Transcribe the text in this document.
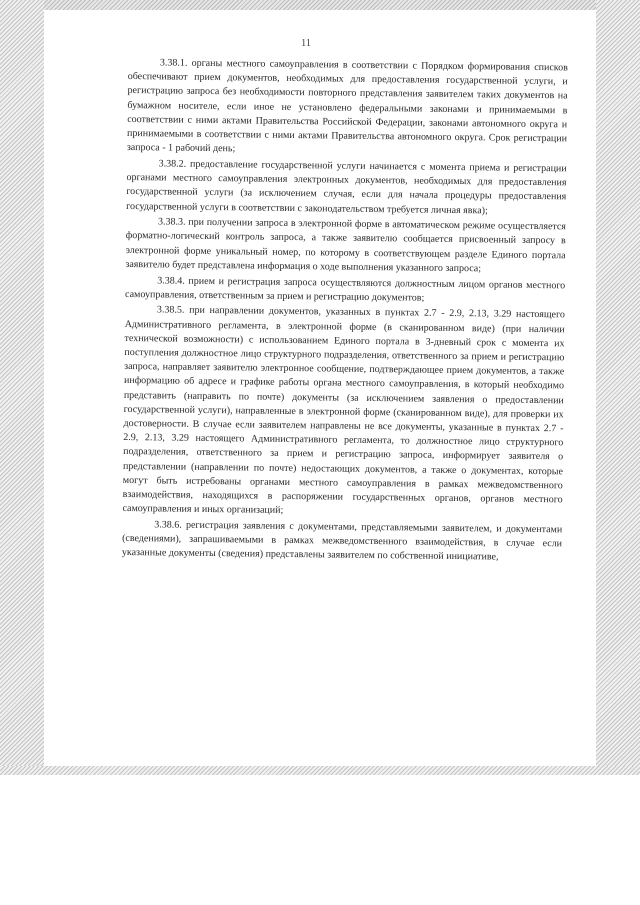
11

3.38.1. органы местного самоуправления в соответствии с Порядком формирования списков обеспечивают прием документов, необходимых для предоставления государственной услуги, и регистрацию запроса без необходимости повторного представления заявителем таких документов на бумажном носителе, если иное не установлено федеральными законами и принимаемыми в соответствии с ними актами Правительства Российской Федерации, законами автономного округа и принимаемыми в соответствии с ними актами Правительства автономного округа. Срок регистрации запроса - 1 рабочий день;

3.38.2. предоставление государственной услуги начинается с момента приема и регистрации органами местного самоуправления электронных документов, необходимых для предоставления государственной услуги (за исключением случая, если для начала процедуры предоставления государственной услуги в соответствии с законодательством требуется личная явка);

3.38.3. при получении запроса в электронной форме в автоматическом режиме осуществляется форматно-логический контроль запроса, а также заявителю сообщается присвоенный запросу в электронной форме уникальный номер, по которому в соответствующем разделе Единого портала заявителю будет представлена информация о ходе выполнения указанного запроса;

3.38.4. прием и регистрация запроса осуществляются должностным лицом органов местного самоуправления, ответственным за прием и регистрацию документов;

3.38.5. при направлении документов, указанных в пунктах 2.7 - 2.9, 2.13, 3.29 настоящего Административного регламента, в электронной форме (в сканированном виде) (при наличии технической возможности) с использованием Единого портала в 3-дневный срок с момента их поступления должностное лицо структурного подразделения, ответственного за прием и регистрацию запроса, направляет заявителю электронное сообщение, подтверждающее прием документов, а также информацию об адресе и графике работы органа местного самоуправления, в который необходимо представить (направить по почте) документы (за исключением заявления о предоставлении государственной услуги), направленные в электронной форме (сканированном виде), для проверки их достоверности. В случае если заявителем направлены не все документы, указанные в пунктах 2.7 - 2.9, 2.13, 3.29 настоящего Административного регламента, то должностное лицо структурного подразделения, ответственного за прием и регистрацию запроса, информирует заявителя о представлении (направлении по почте) недостающих документов, а также о документах, которые могут быть истребованы органами местного самоуправления в рамках межведомственного взаимодействия, находящихся в распоряжении государственных органов, органов местного самоуправления и иных организаций;

3.38.6. регистрация заявления с документами, представляемыми заявителем, и документами (сведениями), запрашиваемыми в рамках межведомственного взаимодействия, в случае если указанные документы (сведения) представлены заявителем по собственной инициативе,
